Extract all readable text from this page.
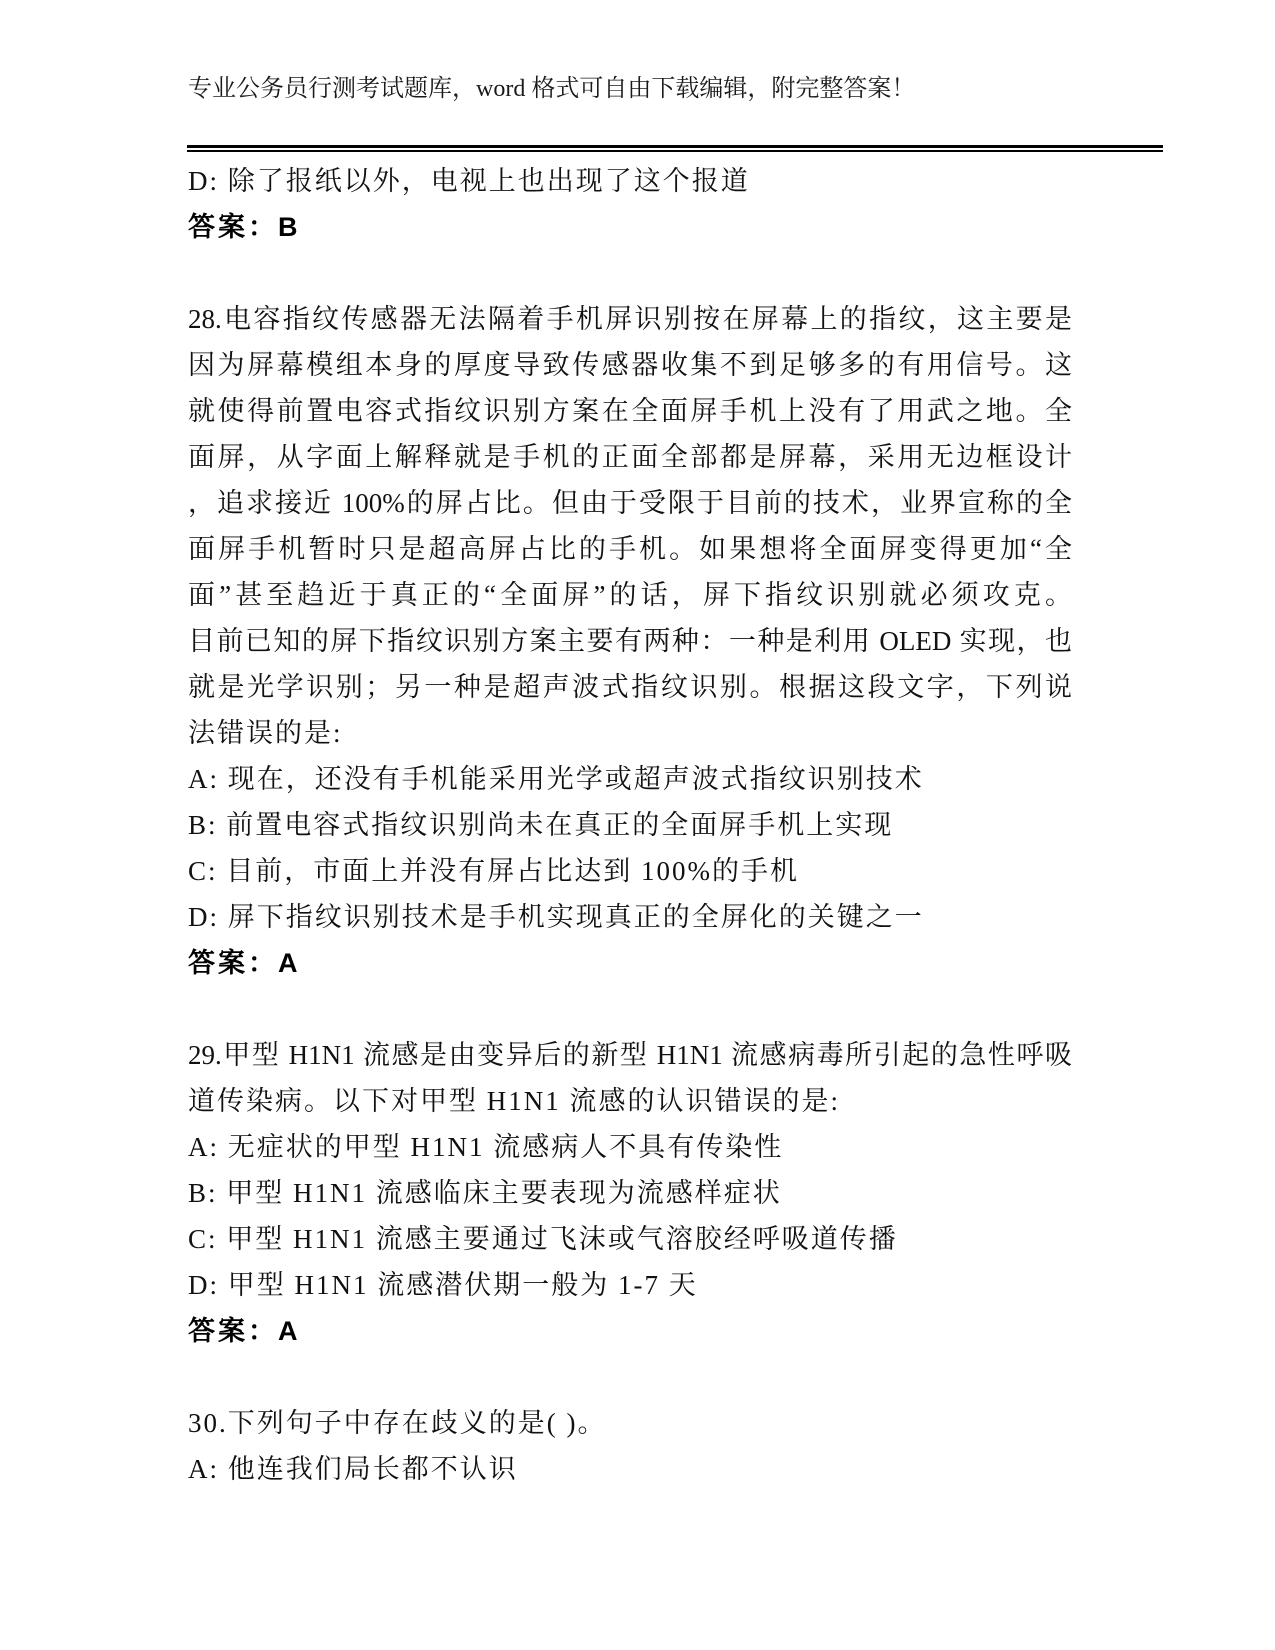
专业公务员行测考试题库，word 格式可自由下载编辑，附完整答案！
D: 除了报纸以外，电视上也出现了这个报道
答案：B
28.电容指纹传感器无法隔着手机屏识别按在屏幕上的指纹，这主要是
因为屏幕模组本身的厚度导致传感器收集不到足够多的有用信号。这
就使得前置电容式指纹识别方案在全面屏手机上没有了用武之地。全
面屏，从字面上解释就是手机的正面全部都是屏幕，采用无边框设计
，追求接近 100%的屏占比。但由于受限于目前的技术，业界宣称的全
面屏手机暂时只是超高屏占比的手机。如果想将全面屏变得更加“全
面”甚至趋近于真正的“全面屏”的话，屏下指纹识别就必须攻克。
目前已知的屏下指纹识别方案主要有两种：一种是利用 OLED 实现，也
就是光学识别；另一种是超声波式指纹识别。根据这段文字，下列说
法错误的是:
A: 现在，还没有手机能采用光学或超声波式指纹识别技术
B: 前置电容式指纹识别尚未在真正的全面屏手机上实现
C: 目前，市面上并没有屏占比达到 100%的手机
D: 屏下指纹识别技术是手机实现真正的全屏化的关键之一
答案：A
29.甲型 H1N1 流感是由变异后的新型 H1N1 流感病毒所引起的急性呼吸
道传染病。以下对甲型 H1N1 流感的认识错误的是:
A: 无症状的甲型 H1N1 流感病人不具有传染性
B: 甲型 H1N1 流感临床主要表现为流感样症状
C: 甲型 H1N1 流感主要通过飞沫或气溶胶经呼吸道传播
D: 甲型 H1N1 流感潜伏期一般为 1-7 天
答案：A
30.下列句子中存在歧义的是( )。
A: 他连我们局长都不认识
